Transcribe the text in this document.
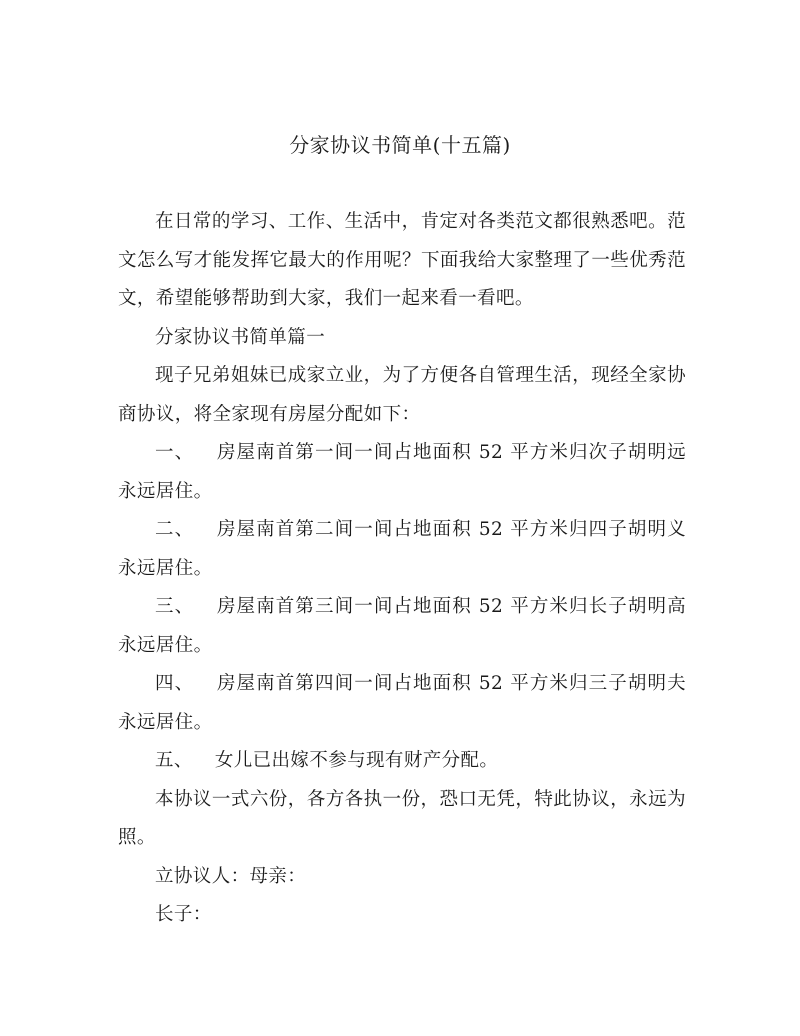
分家协议书简单(十五篇)

在日常的学习、工作、生活中，肯定对各类范文都很熟悉吧。范文怎么写才能发挥它最大的作用呢？下面我给大家整理了一些优秀范文，希望能够帮助到大家，我们一起来看一看吧。

分家协议书简单篇一

现子兄弟姐妹已成家立业，为了方便各自管理生活，现经全家协商协议，将全家现有房屋分配如下：

一、 房屋南首第一间一间占地面积 52 平方米归次子胡明远永远居住。

二、 房屋南首第二间一间占地面积 52 平方米归四子胡明义永远居住。

三、 房屋南首第三间一间占地面积 52 平方米归长子胡明高永远居住。

四、 房屋南首第四间一间占地面积 52 平方米归三子胡明夫永远居住。

五、 女儿已出嫁不参与现有财产分配。

本协议一式六份，各方各执一份，恐口无凭，特此协议，永远为照。

立协议人：母亲：

长子：
